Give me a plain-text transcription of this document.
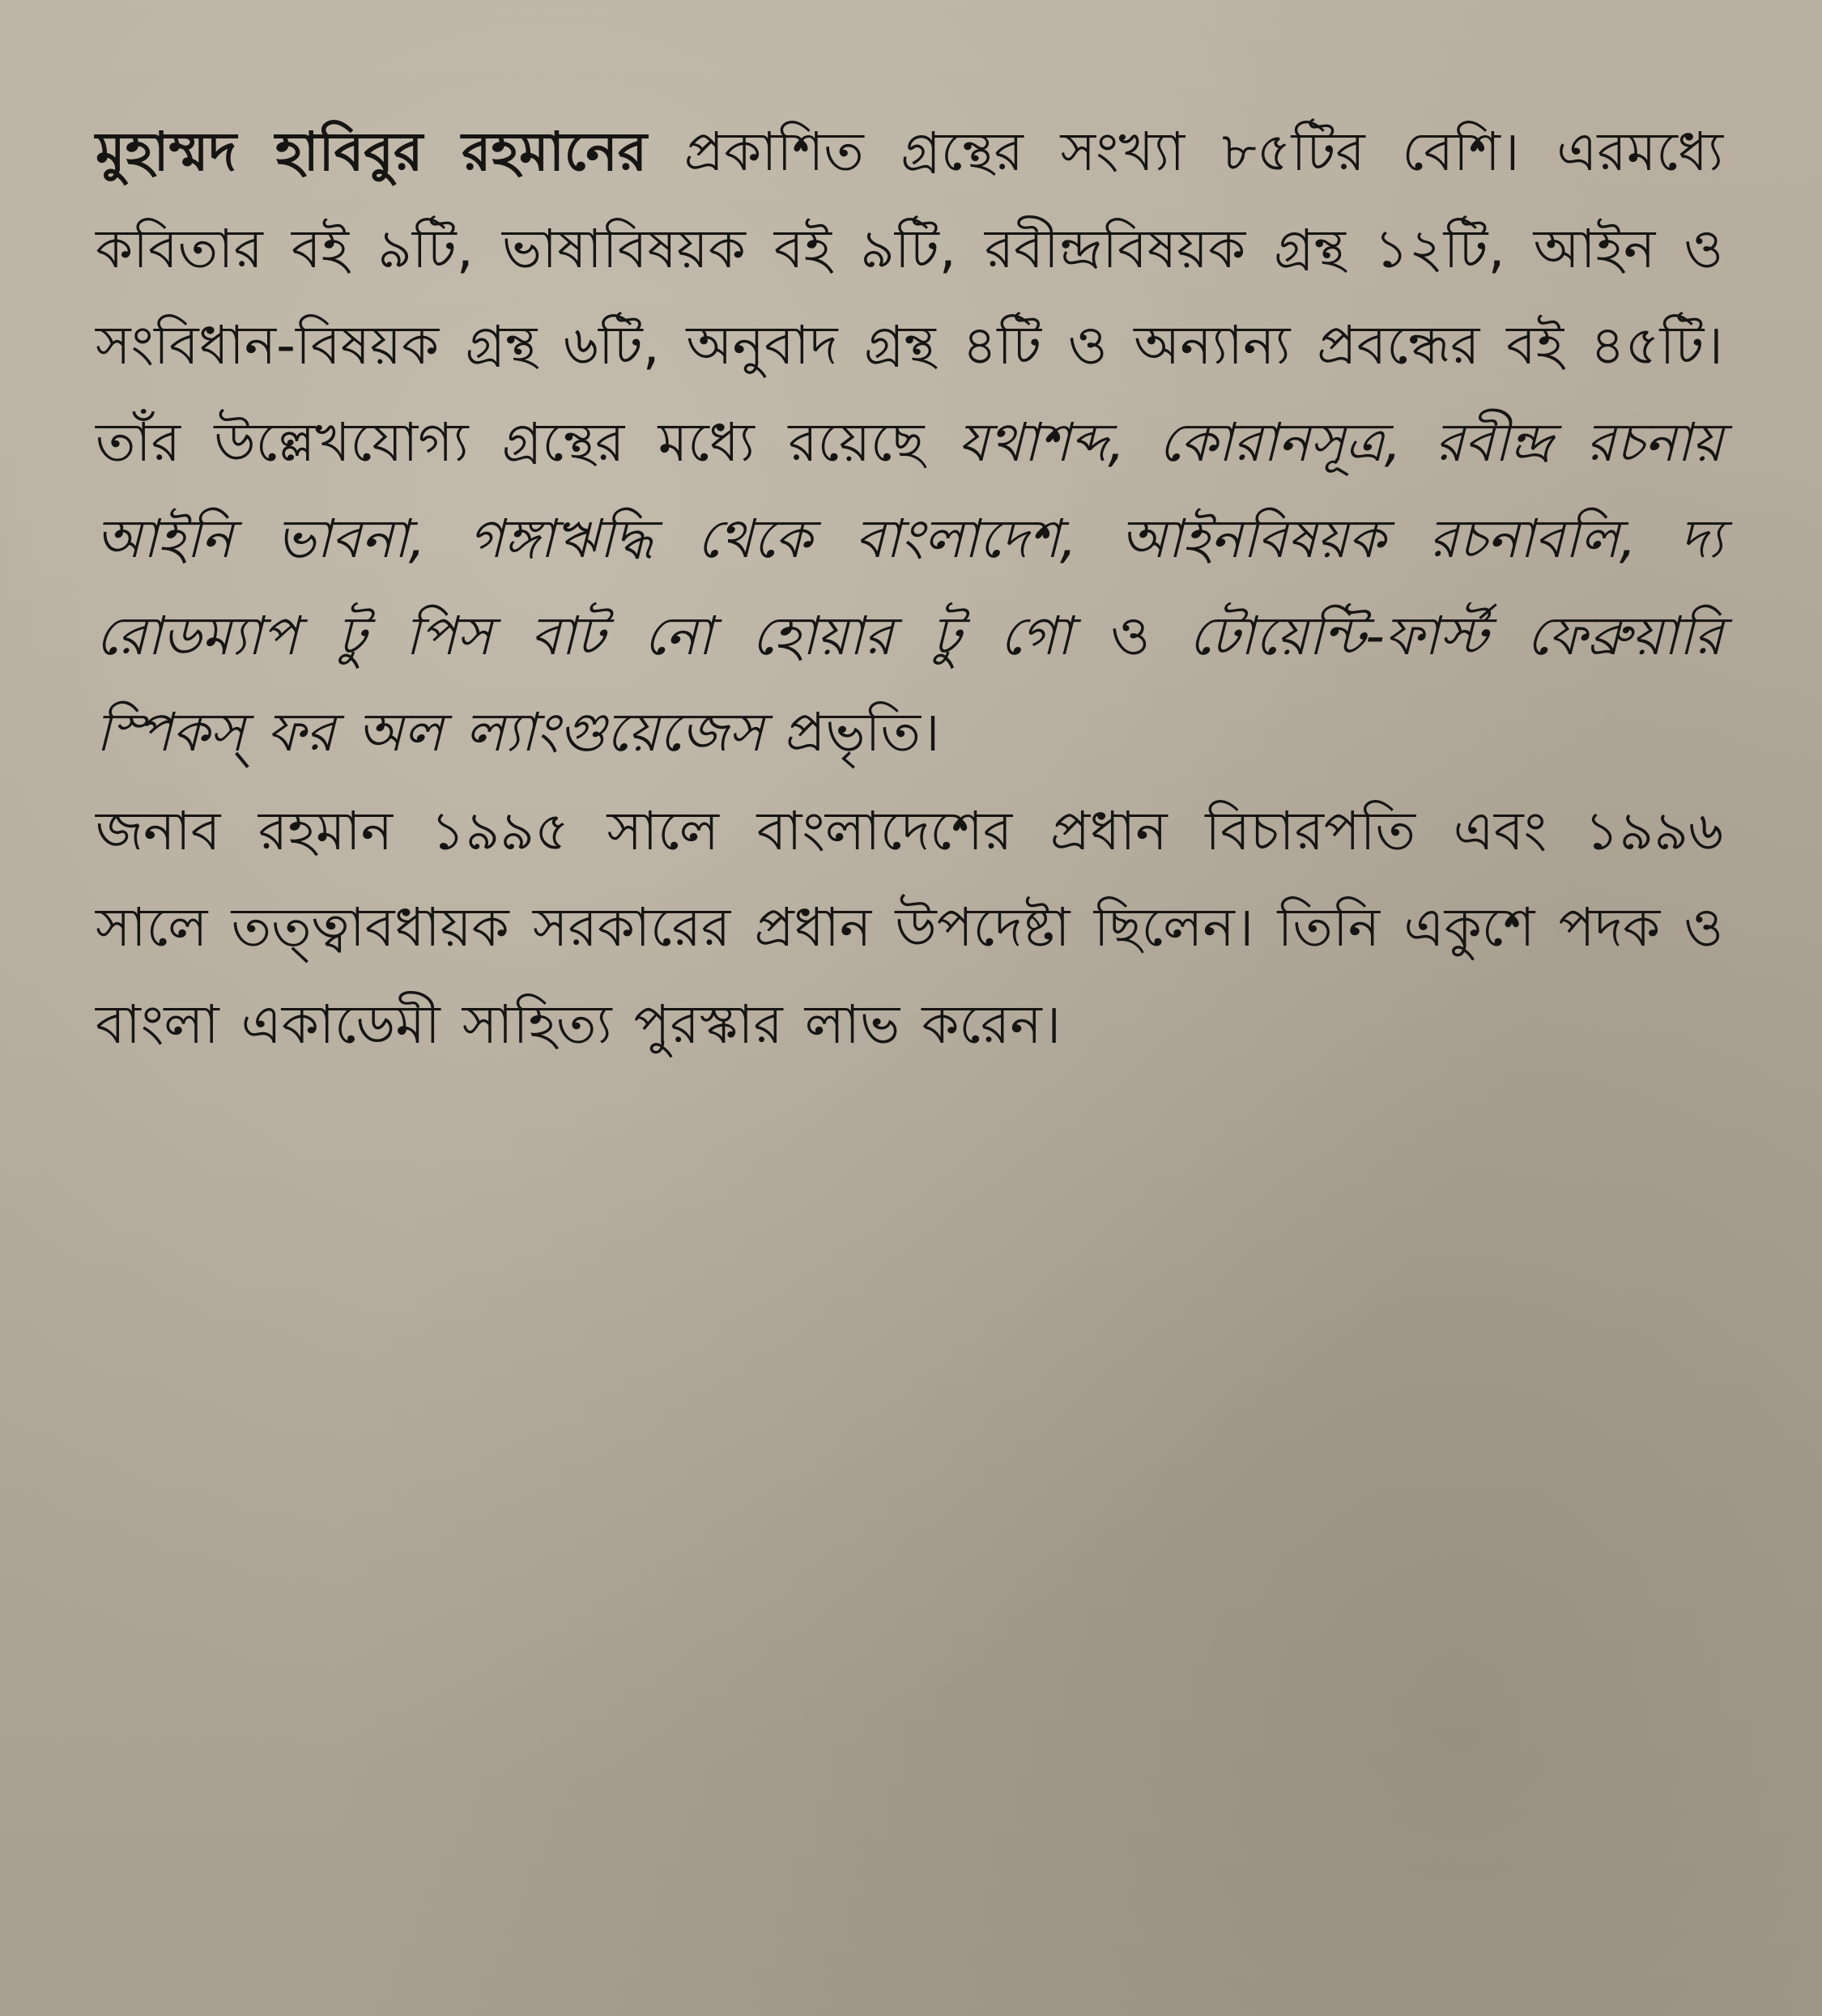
মুহাম্মদ হাবিবুর রহমানের প্রকাশিত গ্রন্থের সংখ্যা ৮৫টির বেশি। এরমধ্যে কবিতার বই ৯টি, ভাষাবিষয়ক বই ৯টি, রবীন্দ্রবিষয়ক গ্রন্থ ১২টি, আইন ও সংবিধান-বিষয়ক গ্রন্থ ৬টি, অনুবাদ গ্রন্থ ৪টি ও অন্যান্য প্রবন্ধের বই ৪৫টি। তাঁর উল্লেখযোগ্য গ্রন্থের মধ্যে রয়েছে যথাশব্দ, কোরানসূত্র, রবীন্দ্র রচনায় আইনি ভাবনা, গঙ্গাঋদ্ধি থেকে বাংলাদেশ, আইনবিষয়ক রচনাবলি, দ্য রোডম্যাপ টু পিস বাট নো হোয়ার টু গো ও টোয়েন্টি-ফার্স্ট ফেব্রুয়ারি স্পিকস্ ফর অল ল্যাংগুয়েজেস প্রভৃতি।

জনাব রহমান ১৯৯৫ সালে বাংলাদেশের প্রধান বিচারপতি এবং ১৯৯৬ সালে তত্ত্বাবধায়ক সরকারের প্রধান উপদেষ্টা ছিলেন। তিনি একুশে পদক ও বাংলা একাডেমী সাহিত্য পুরস্কার লাভ করেন।
